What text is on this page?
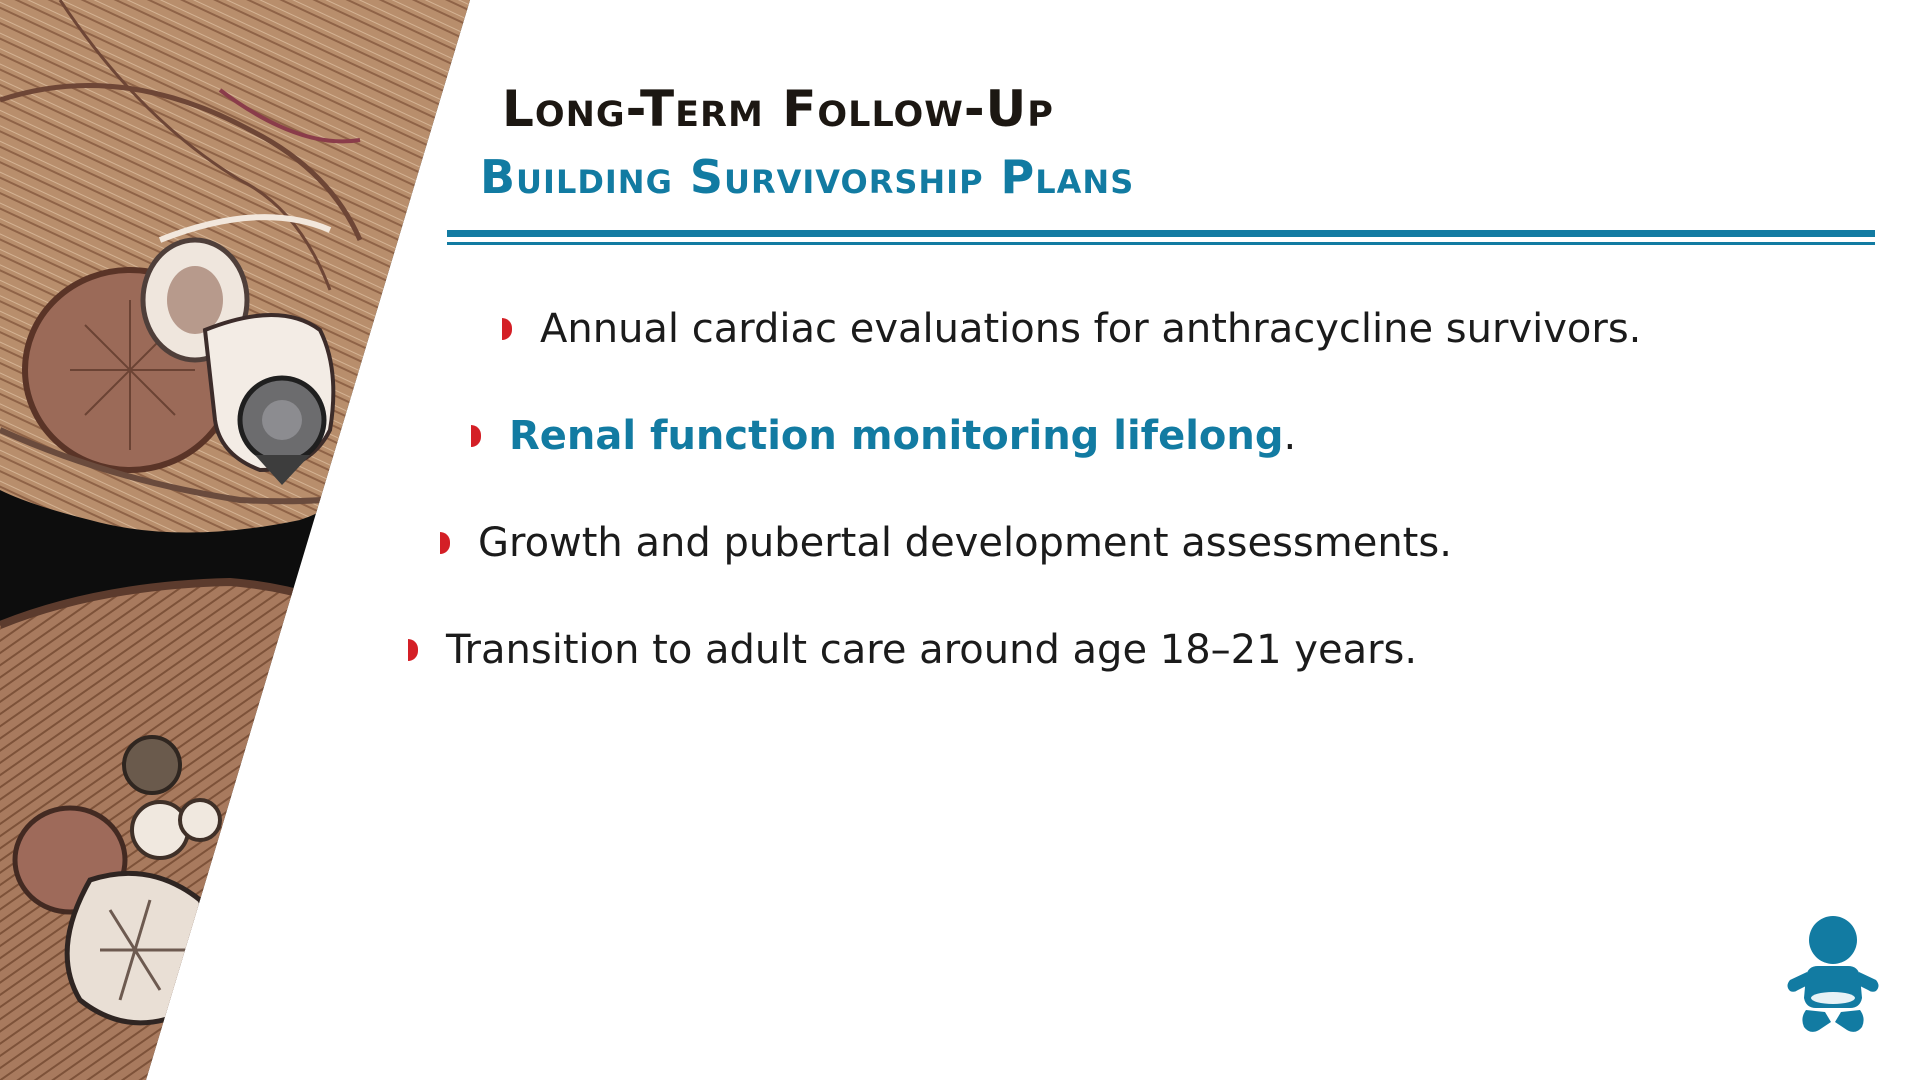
Long-Term Follow-Up
Building Survivorship Plans
Annual cardiac evaluations for anthracycline survivors.
Renal function monitoring lifelong .
Growth and pubertal development assessments.
Transition to adult care around age 18–21 years.
